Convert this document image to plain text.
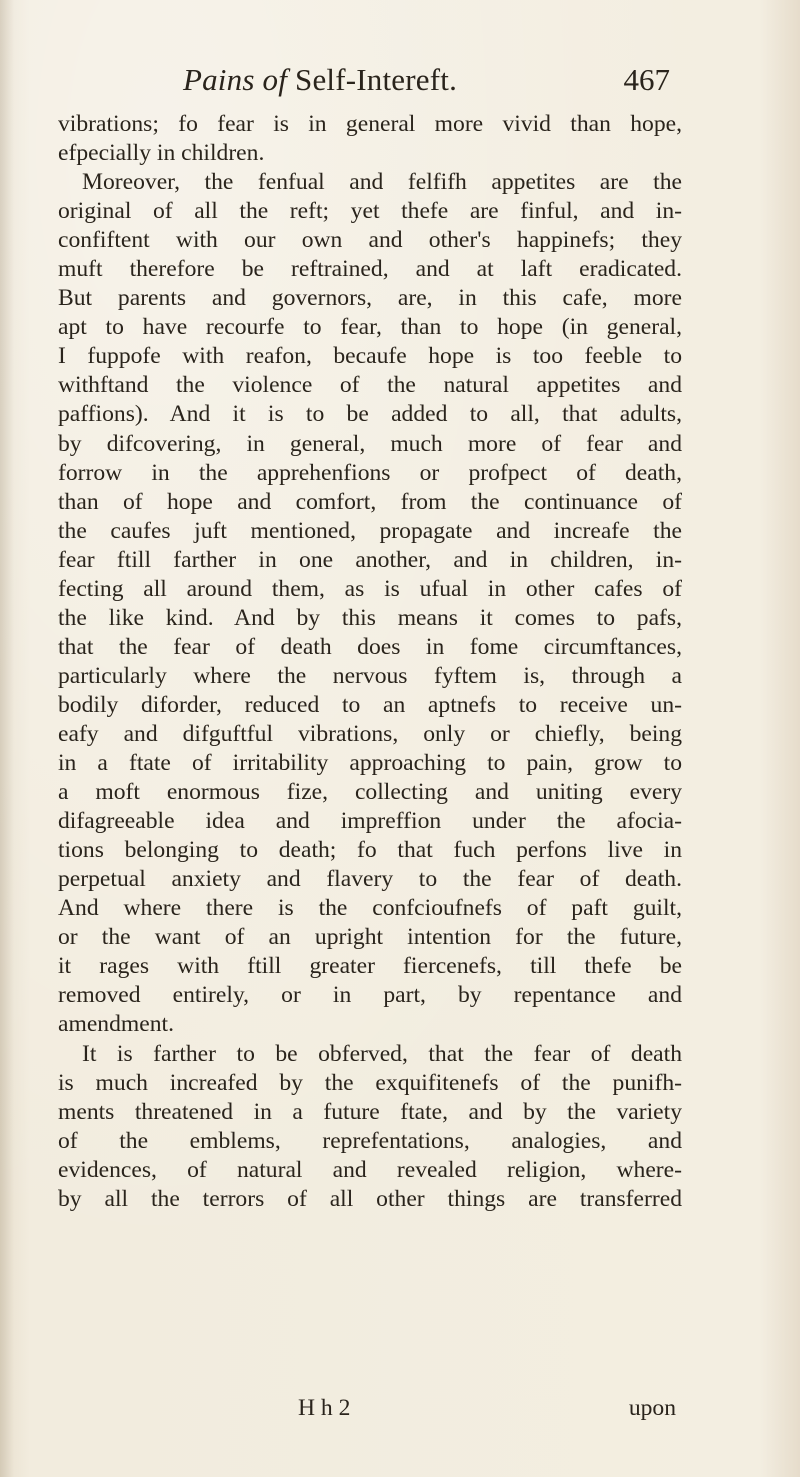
Pains of Self-Intereft.	467
vibrations; fo fear is in general more vivid than hope,
efpecially in children.
Moreover, the fenfual and felfifh appetites are the
original of all the reft; yet thefe are finful, and in-
confiftent with our own and other's happinefs; they
muft therefore be reftrained, and at laft eradicated.
But parents and governors, are, in this cafe, more
apt to have recourfe to fear, than to hope (in general,
I fuppofe with reafon, becaufe hope is too feeble to
withftand the violence of the natural appetites and
paffions). And it is to be added to all, that adults,
by difcovering, in general, much more of fear and
forrow in the apprehenfions or profpect of death,
than of hope and comfort, from the continuance of
the caufes juft mentioned, propagate and increafe the
fear ftill farther in one another, and in children, in-
fecting all around them, as is ufual in other cafes of
the like kind. And by this means it comes to pafs,
that the fear of death does in fome circumftances,
particularly where the nervous fyftem is, through a
bodily diforder, reduced to an aptnefs to receive un-
eafy and difguftful vibrations, only or chiefly, being
in a ftate of irritability approaching to pain, grow to
a moft enormous fize, collecting and uniting every
difagreeable idea and impreffion under the afocia-
tions belonging to death; fo that fuch perfons live in
perpetual anxiety and flavery to the fear of death.
And where there is the confcioufnefs of paft guilt,
or the want of an upright intention for the future,
it rages with ftill greater fiercenefs, till thefe be
removed entirely, or in part, by repentance and
amendment.
It is farther to be obferved, that the fear of death
is much increafed by the exquifitenefs of the punifh-
ments threatened in a future ftate, and by the variety
of the emblems, reprefentations, analogies, and
evidences, of natural and revealed religion, where-
by all the terrors of all other things are transferred
H h 2	upon
